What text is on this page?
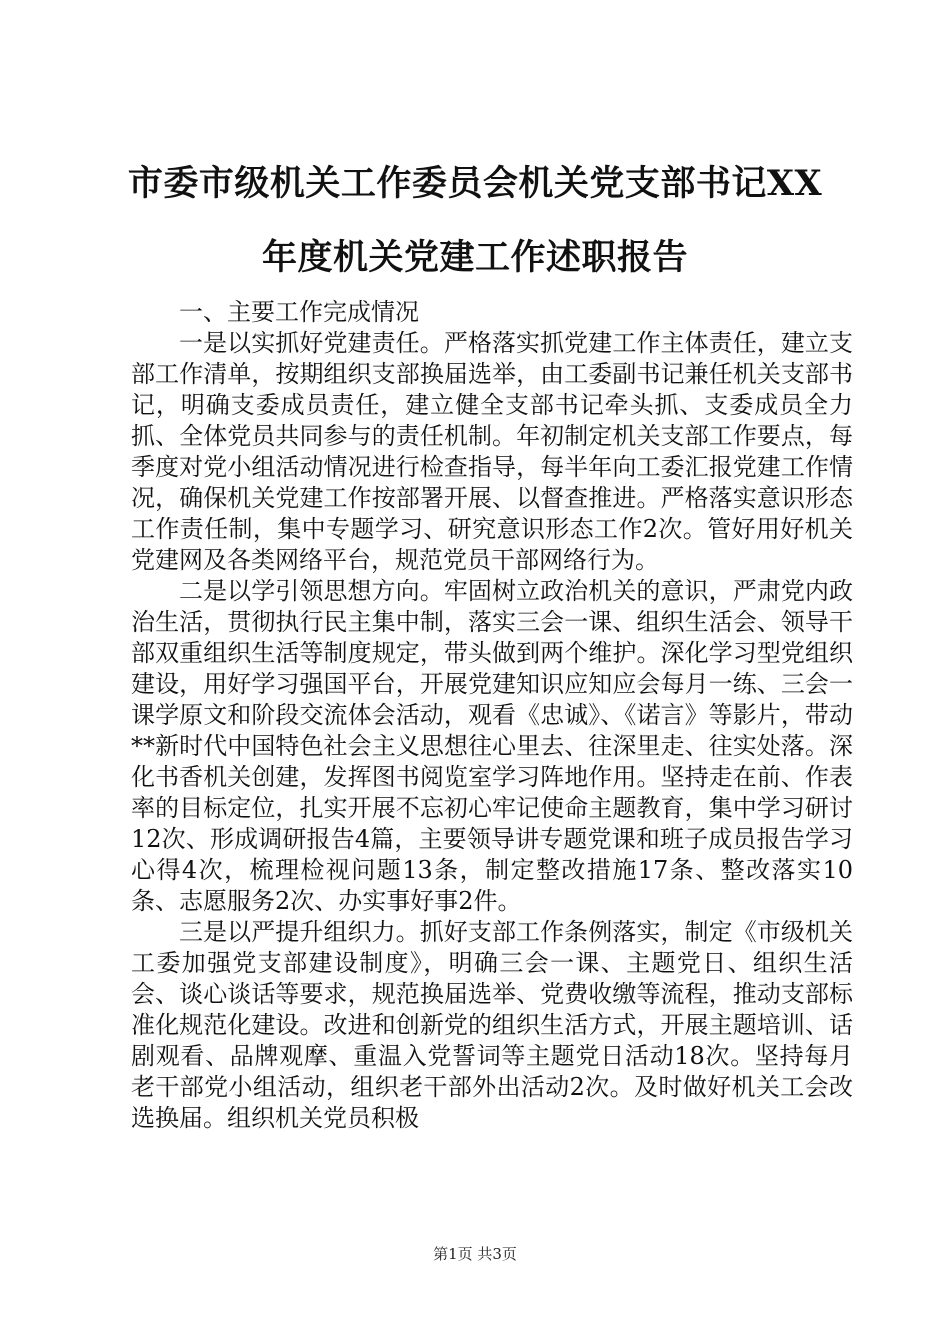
市委市级机关工作委员会机关党支部书记XX
年度机关党建工作述职报告

一、主要工作完成情况

一是以实抓好党建责任。严格落实抓党建工作主体责任，建立支部工作清单，按期组织支部换届选举，由工委副书记兼任机关支部书记，明确支委成员责任，建立健全支部书记牵头抓、支委成员全力抓、全体党员共同参与的责任机制。年初制定机关支部工作要点，每季度对党小组活动情况进行检查指导，每半年向工委汇报党建工作情况，确保机关党建工作按部署开展、以督查推进。严格落实意识形态工作责任制，集中专题学习、研究意识形态工作2次。管好用好机关党建网及各类网络平台，规范党员干部网络行为。

二是以学引领思想方向。牢固树立政治机关的意识，严肃党内政治生活，贯彻执行民主集中制，落实三会一课、组织生活会、领导干部双重组织生活等制度规定，带头做到两个维护。深化学习型党组织建设，用好学习强国平台，开展党建知识应知应会每月一练、三会一课学原文和阶段交流体会活动，观看《忠诚》、《诺言》等影片，带动**新时代中国特色社会主义思想往心里去、往深里走、往实处落。深化书香机关创建，发挥图书阅览室学习阵地作用。坚持走在前、作表率的目标定位，扎实开展不忘初心牢记使命主题教育，集中学习研讨12次、形成调研报告4篇，主要领导讲专题党课和班子成员报告学习心得4次，梳理检视问题13条，制定整改措施17条、整改落实10条、志愿服务2次、办实事好事2件。

三是以严提升组织力。抓好支部工作条例落实，制定《市级机关工委加强党支部建设制度》，明确三会一课、主题党日、组织生活会、谈心谈话等要求，规范换届选举、党费收缴等流程，推动支部标准化规范化建设。改进和创新党的组织生活方式，开展主题培训、话剧观看、品牌观摩、重温入党誓词等主题党日活动18次。坚持每月老干部党小组活动，组织老干部外出活动2次。及时做好机关工会改选换届。组织机关党员积极

第1页 共3页
